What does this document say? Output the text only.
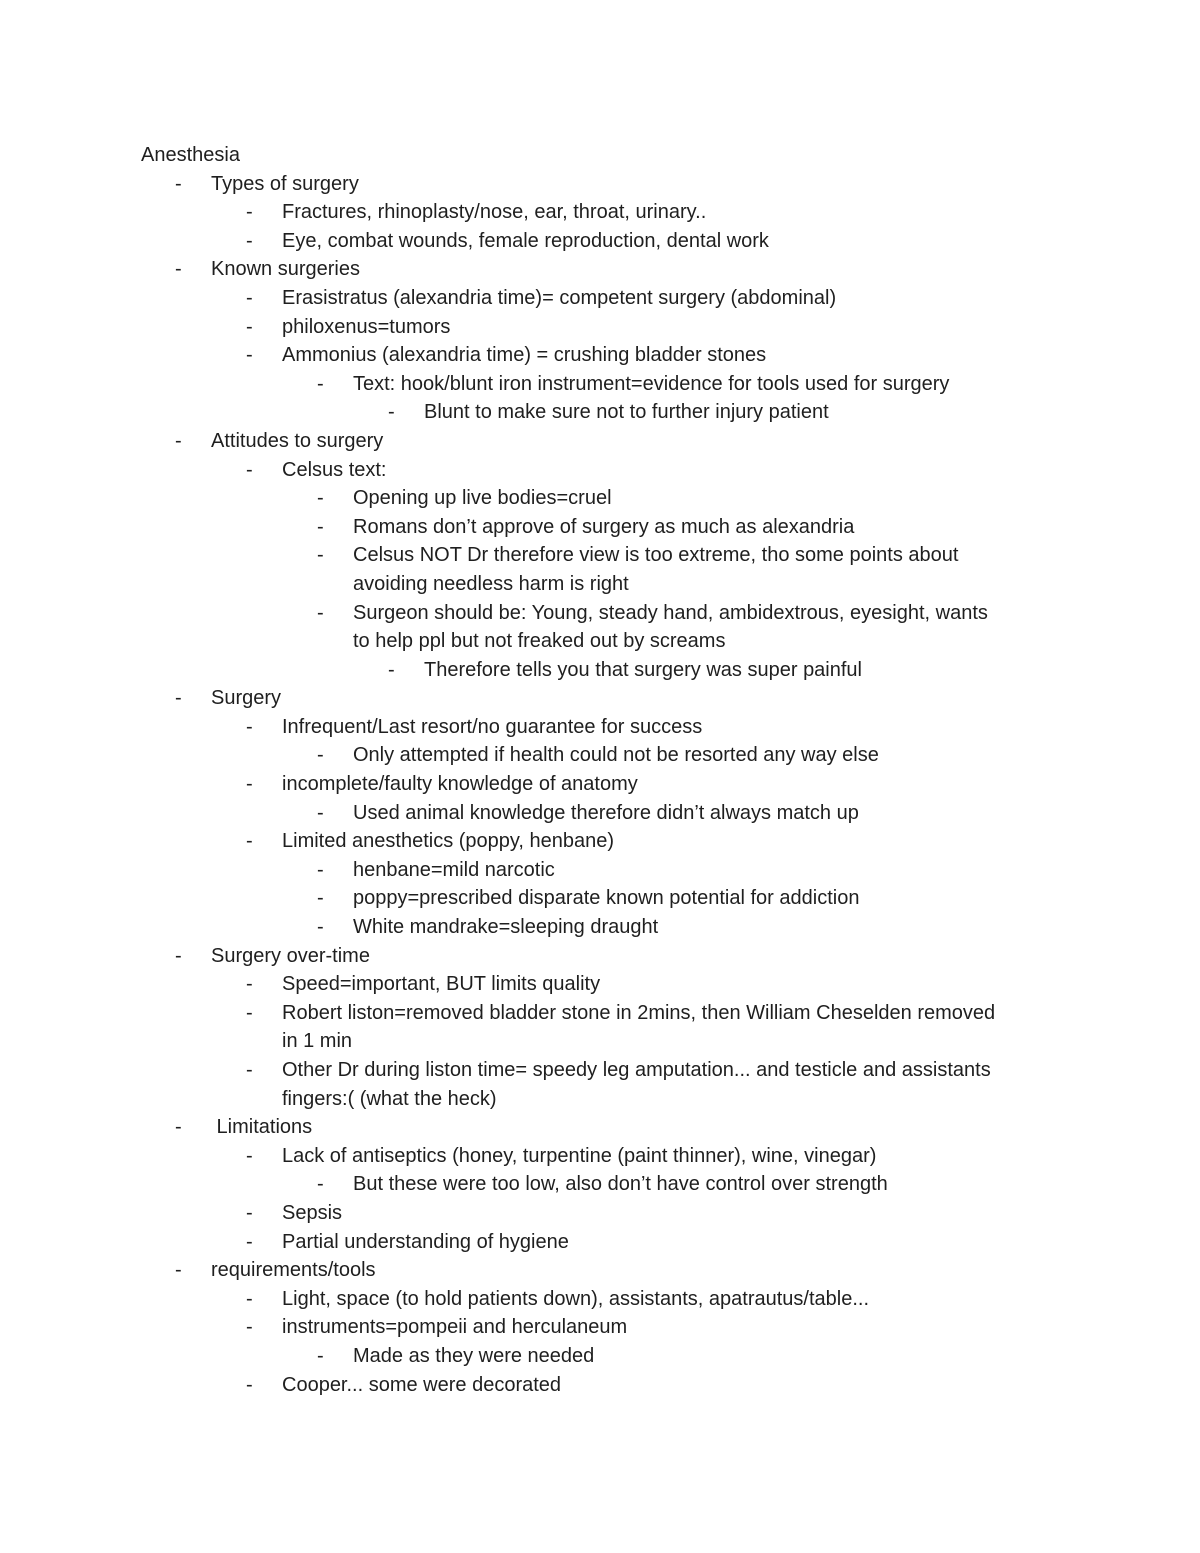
Anesthesia
- Types of surgery
- Fractures, rhinoplasty/nose, ear, throat, urinary..
- Eye, combat wounds, female reproduction, dental work
- Known surgeries
- Erasistratus (alexandria time)= competent surgery (abdominal)
- philoxenus=tumors
- Ammonius (alexandria time) = crushing bladder stones
- Text: hook/blunt iron instrument=evidence for tools used for surgery
- Blunt to make sure not to further injury patient
- Attitudes to surgery
- Celsus text:
- Opening up live bodies=cruel
- Romans don’t approve of surgery as much as alexandria
- Celsus NOT Dr therefore view is too extreme, tho some points about
avoiding needless harm is right
- Surgeon should be: Young, steady hand, ambidextrous, eyesight, wants
to help ppl but not freaked out by screams
- Therefore tells you that surgery was super painful
- Surgery
- Infrequent/Last resort/no guarantee for success
- Only attempted if health could not be resorted any way else
- incomplete/faulty knowledge of anatomy
- Used animal knowledge therefore didn’t always match up
- Limited anesthetics (poppy, henbane)
- henbane=mild narcotic
- poppy=prescribed disparate known potential for addiction
- White mandrake=sleeping draught
- Surgery over-time
- Speed=important, BUT limits quality
- Robert liston=removed bladder stone in 2mins, then William Cheselden removed
in 1 min
- Other Dr during liston time= speedy leg amputation... and testicle and assistants
fingers:( (what the heck)
- Limitations
- Lack of antiseptics (honey, turpentine (paint thinner), wine, vinegar)
- But these were too low, also don’t have control over strength
- Sepsis
- Partial understanding of hygiene
- requirements/tools
- Light, space (to hold patients down), assistants, apatrautus/table...
- instruments=pompeii and herculaneum
- Made as they were needed
- Cooper... some were decorated
